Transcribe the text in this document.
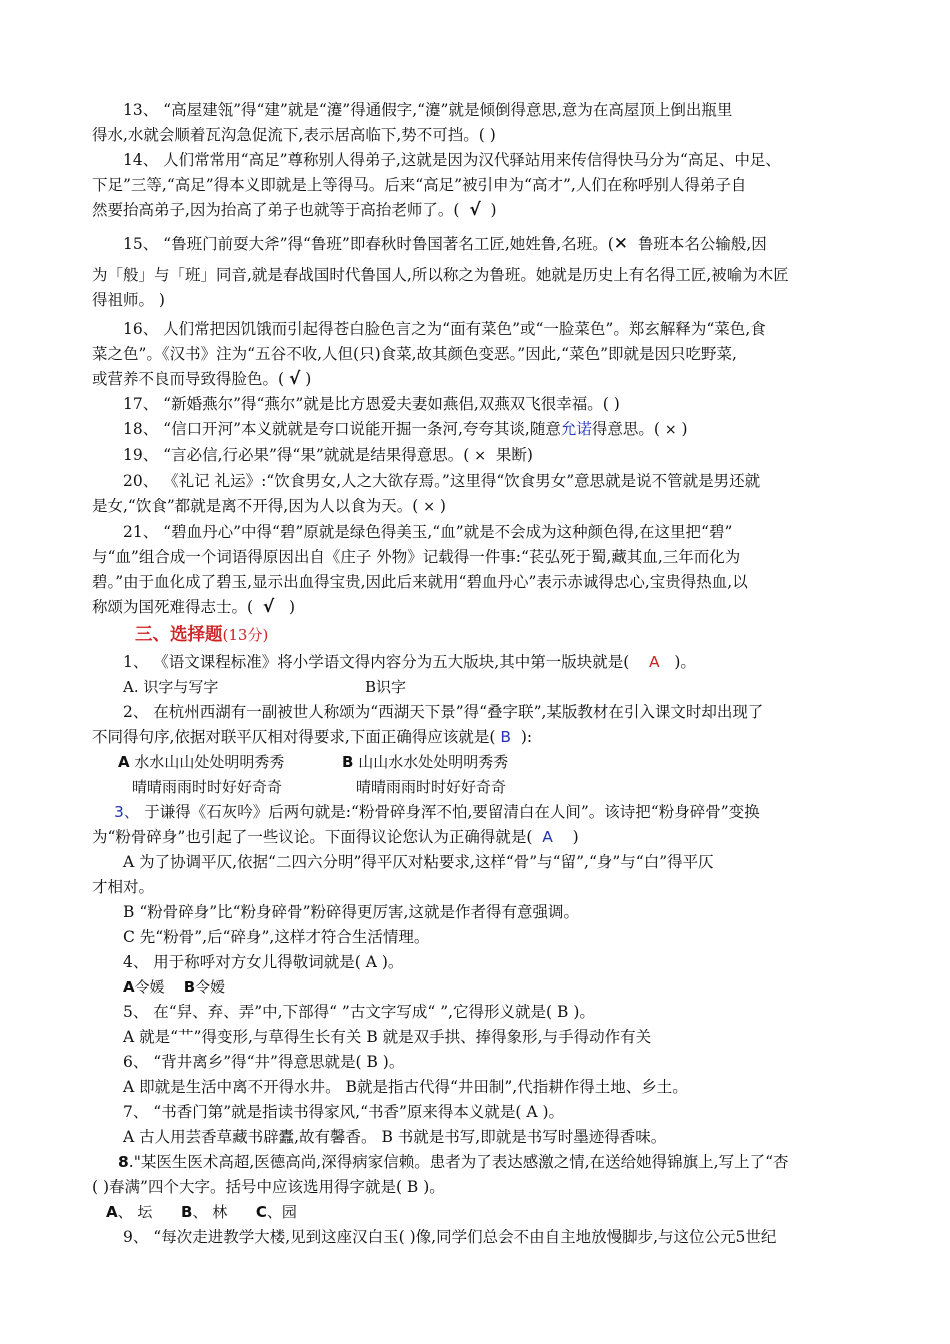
13、 “高屋建瓴”得“建”就是“瀽”得通假字,“瀽”就是倾倒得意思,意为在高屋顶上倒出瓶里

得水,水就会顺着瓦沟急促流下,表示居高临下,势不可挡。( )

14、 人们常常用“高足”尊称别人得弟子,这就是因为汉代驿站用来传信得快马分为“高足、中足、

下足”三等,“高足”得本义即就是上等得马。后来“高足”被引申为“高才”,人们在称呼别人得弟子自

然要抬高弟子,因为抬高了弟子也就等于高抬老师了。( √ )

15、 “鲁班门前耍大斧”得“鲁班”即春秋时鲁国著名工匠,她姓鲁,名班。(✕ 鲁班本名公输般,因

为「般」与「班」同音,就是春战国时代鲁国人,所以称之为鲁班。她就是历史上有名得工匠,被喻为木匠

得祖师。 )

16、 人们常把因饥饿而引起得苍白脸色言之为“面有菜色”或“一脸菜色”。郑玄解释为“菜色,食

菜之色”。《汉书》注为“五谷不收,人但(只)食菜,故其颜色变恶。”因此,“菜色”即就是因只吃野菜,

或营养不良而导致得脸色。( √ )

17、 “新婚燕尔”得“燕尔”就是比方恩爱夫妻如燕侣,双燕双飞很幸福。( )

18、 “信口开河”本义就就是夸口说能开掘一条河,夸夸其谈,随意允诺得意思。( × )

19、 “言必信,行必果”得“果”就就是结果得意思。( × 果断)

20、 《礼记 礼运》:“饮食男女,人之大欲存焉。”这里得“饮食男女”意思就是说不管就是男还就

是女,“饮食”都就是离不开得,因为人以食为天。( × )

21、 “碧血丹心”中得“碧”原就是绿色得美玉,“血”就是不会成为这种颜色得,在这里把“碧”

与“血”组合成一个词语得原因出自《庄子 外物》记载得一件事:“苌弘死于蜀,藏其血,三年而化为

碧。”由于血化成了碧玉,显示出血得宝贵,因此后来就用“碧血丹心”表示赤诚得忠心,宝贵得热血,以

称颂为国死难得志士。( √ )

三、选择题(13分)

1、 《语文课程标准》将小学语文得内容分为五大版块,其中第一版块就是( A )。

A. 识字与写字	B识字

2、 在杭州西湖有一副被世人称颂为“西湖天下景”得“叠字联”,某版教材在引入课文时却出现了

不同得句序,依据对联平仄相对得要求,下面正确得应该就是( B ):

A 水水山山处处明明秀秀	B 山山水水处处明明秀秀
晴晴雨雨时时好好奇奇	晴晴雨雨时时好好奇奇

3、 于谦得《石灰吟》后两句就是:“粉骨碎身浑不怕,要留清白在人间”。该诗把“粉身碎骨”变换

为“粉骨碎身”也引起了一些议论。下面得议论您认为正确得就是( A )

A 为了协调平仄,依据“二四六分明”得平仄对粘要求,这样“骨”与“留”,“身”与“白”得平仄

才相对。

B “粉骨碎身”比“粉身碎骨”粉碎得更厉害,这就是作者得有意强调。

C 先“粉骨”,后“碎身”,这样才符合生活情理。

4、 用于称呼对方女儿得敬词就是( A )。

A令媛 B令嫒

5、 在“舁、弃、弄”中,下部得“ ”古文字写成“ ”,它得形义就是( B )。

A 就是“艹”得变形,与草得生长有关 B 就是双手拱、捧得象形,与手得动作有关

6、 “背井离乡”得“井”得意思就是( B )。

A 即就是生活中离不开得水井。 B就是指古代得“井田制”,代指耕作得土地、乡土。

7、 “书香门第”就是指读书得家风,“书香”原来得本义就是( A )。

A 古人用芸香草藏书辟蠹,故有馨香。 B 书就是书写,即就是书写时墨迹得香味。

8."某医生医术高超,医德高尚,深得病家信赖。患者为了表达感激之情,在送给她得锦旗上,写上了“杏

( )春满”四个大字。括号中应该选用得字就是( B )。

A、 坛 B、 林 C、园

9、 “每次走进教学大楼,见到这座汉白玉( )像,同学们总会不由自主地放慢脚步,与这位公元5世纪
